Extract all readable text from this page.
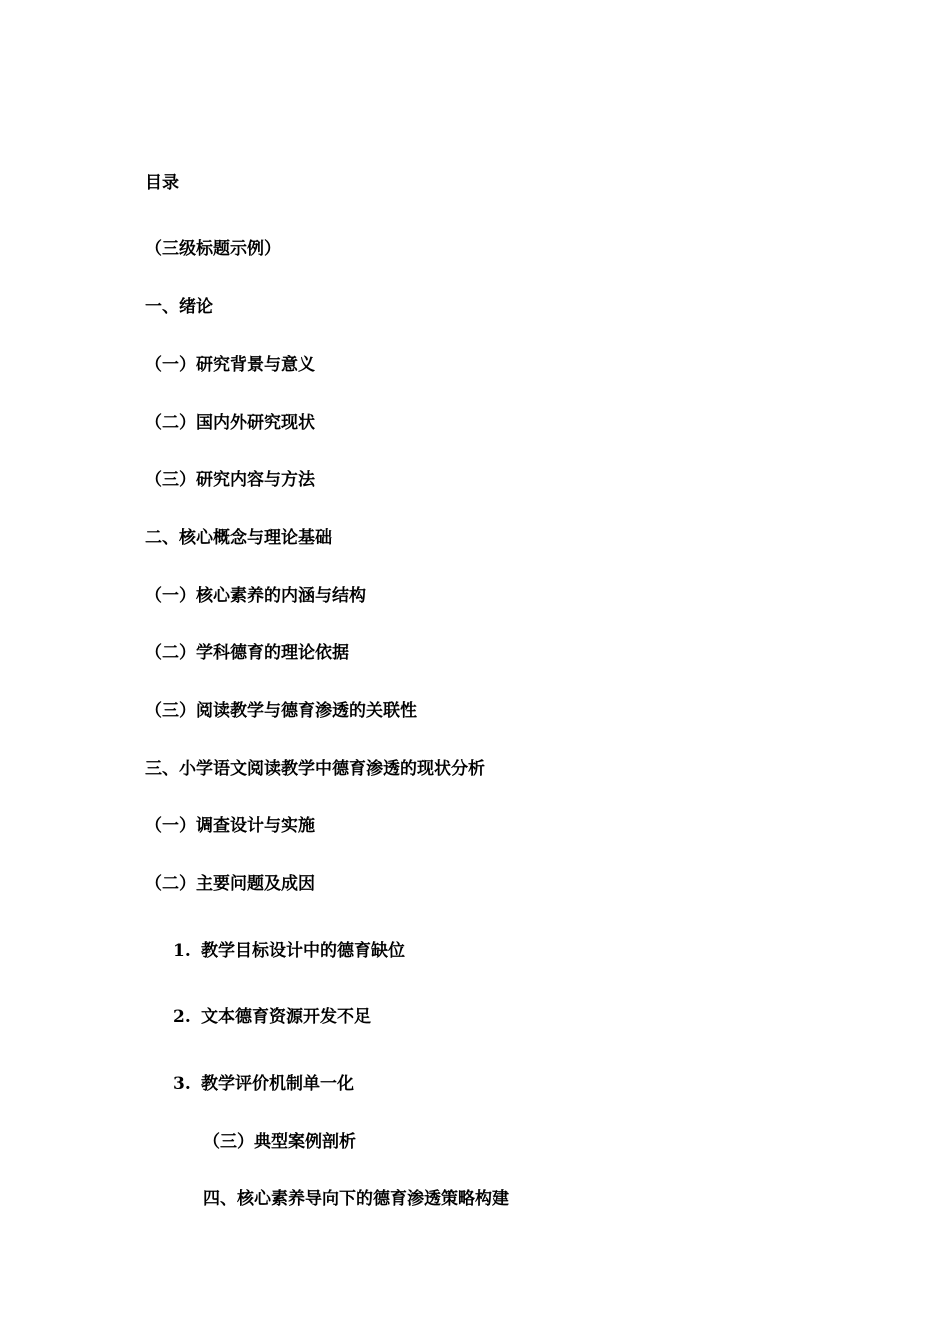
目录
（三级标题示例）
一、绪论
（一）研究背景与意义
（二）国内外研究现状
（三）研究内容与方法
二、核心概念与理论基础
（一）核心素养的内涵与结构
（二）学科德育的理论依据
（三）阅读教学与德育渗透的关联性
三、小学语文阅读教学中德育渗透的现状分析
（一）调查设计与实施
（二）主要问题及成因
1. 教学目标设计中的德育缺位
2. 文本德育资源开发不足
3. 教学评价机制单一化
（三）典型案例剖析
四、核心素养导向下的德育渗透策略构建
